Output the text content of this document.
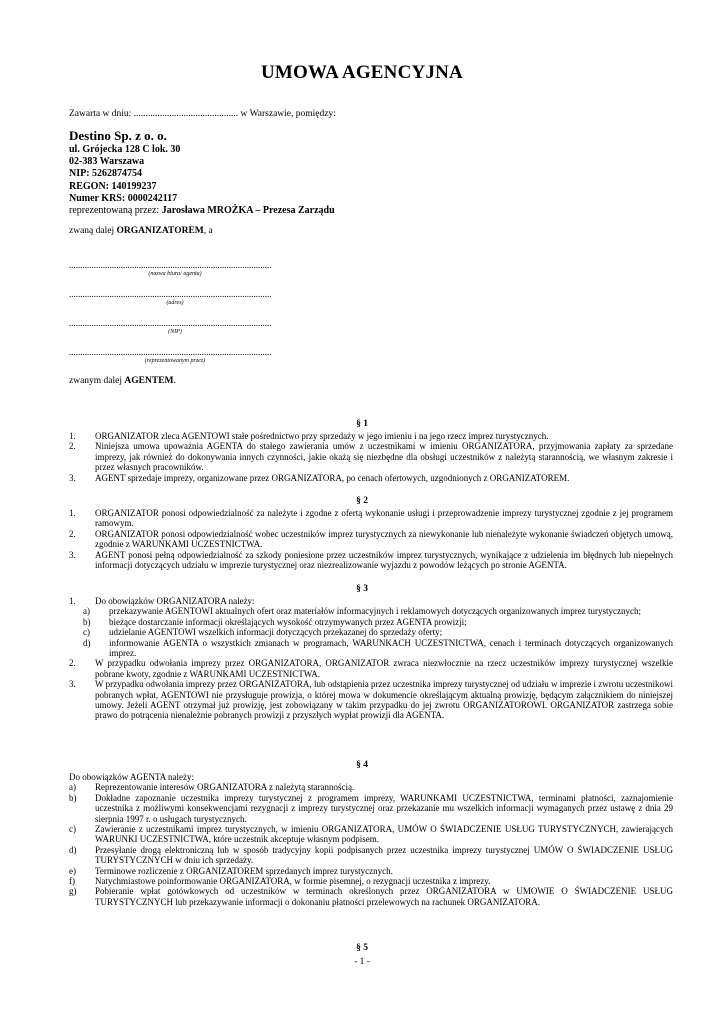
UMOWA AGENCYJNA
Zawarta w dniu: ............................................ w Warszawie, pomiędzy:
Destino Sp. z o. o.
ul. Grójecka 128 C lok. 30
02-383 Warszawa
NIP: 5262874754
REGON: 140199237
Numer KRS: 0000242117
reprezentowaną przez: Jarosława MROŻKA – Prezesa Zarządu
zwaną dalej ORGANIZATOREM, a
..........................................................................................
(nazwa biura/ agenta)
..........................................................................................
(adres)
..........................................................................................
(NIP)
..........................................................................................
(reprezentowanym przez)
zwanym dalej AGENTEM.
§ 1
1.	ORGANIZATOR zleca AGENTOWI stałe pośrednictwo przy sprzedaży w jego imieniu i na jego rzecz imprez turystycznych.
2.	Niniejsza umowa upoważnia AGENTA do stałego zawierania umów z uczestnikami w imieniu ORGANIZATORA, przyjmowania zapłaty za sprzedane imprezy, jak również do dokonywania innych czynności, jakie okażą się niezbędne dla obsługi uczestników z należytą starannością, we własnym zakresie i przez własnych pracowników.
3.	AGENT sprzedaje imprezy, organizowane przez ORGANIZATORA, po cenach ofertowych, uzgodnionych z ORGANIZATOREM.
§ 2
1.	ORGANIZATOR ponosi odpowiedzialność za należyte i zgodne z ofertą wykonanie usługi i przeprowadzenie imprezy turystycznej zgodnie z jej programem ramowym.
2.	ORGANIZATOR ponosi odpowiedzialność wobec uczestników imprez turystycznych za niewykonanie lub nienależyte wykonanie świadczeń objętych umową, zgodnie z WARUNKAMI UCZESTNICTWA.
3.	AGENT ponosi pełną odpowiedzialność za szkody poniesione przez uczestników imprez turystycznych, wynikające z udzielenia im błędnych lub niepełnych informacji dotyczących udziału w imprezie turystycznej oraz niezrealizowanie wyjazdu z powodów leżących po stronie AGENTA.
§ 3
1.	Do obowiązków ORGANIZATORA należy:
a)	przekazywanie AGENTOWI aktualnych ofert oraz materiałów informacyjnych i reklamowych dotyczących organizowanych imprez turystycznych;
b)	bieżące dostarczanie informacji określających wysokość otrzymywanych przez AGENTA prowizji;
c)	udzielanie AGENTOWI wszelkich informacji dotyczących przekazanej do sprzedaży oferty;
d)	informowanie AGENTA o wszystkich zmianach w programach, WARUNKACH UCZESTNICTWA, cenach i terminach dotyczących organizowanych imprez.
2.	W przypadku odwołania imprezy przez ORGANIZATORA, ORGANIZATOR zwraca niezwłocznie na rzecz uczestników imprezy turystycznej wszelkie pobrane kwoty, zgodnie z WARUNKAMI UCZESTNICTWA.
3.	W przypadku odwołania imprezy przez ORGANIZATORA, lub odstąpienia przez uczestnika imprezy turystycznej od udziału w imprezie i zwrotu uczestnikowi pobranych wpłat, AGENTOWI nie przysługuje prowizja, o której mowa w dokumencie określającym aktualną prowizję, będącym załącznikiem do niniejszej umowy. Jeżeli AGENT otrzymał już prowizję, jest zobowiązany w takim przypadku do jej zwrotu ORGANIZATOROWI. ORGANIZATOR zastrzega sobie prawo do potrącenia nienależnie pobranych prowizji z przyszłych wypłat prowizji dla AGENTA.
§ 4
Do obowiązków AGENTA należy:
a)	Reprezentowanie interesów ORGANIZATORA z należytą starannością.
b)	Dokładne zapoznanie uczestnika imprezy turystycznej z programem imprezy, WARUNKAMI UCZESTNICTWA, terminami płatności, zaznajomienie uczestnika z możliwymi konsekwencjami rezygnacji z imprezy turystycznej oraz przekazanie mu wszelkich informacji wymaganych przez ustawę z dnia 29 sierpnia 1997 r. o usługach turystycznych.
c)	Zawieranie z uczestnikami imprez turystycznych, w imieniu ORGANIZATORA, UMÓW O ŚWIADCZENIE USŁUG TURYSTYCZNYCH, zawierających WARUNKI UCZESTNICTWA, które uczestnik akceptuje własnym podpisem.
d)	Przesyłanie drogą elektroniczną lub w sposób tradycyjny kopii podpisanych przez uczestnika imprezy turystycznej UMÓW O ŚWIADCZENIE USŁUG TURYSTYCZNYCH w dniu ich sprzedaży.
e)	Terminowe rozliczenie z ORGANIZATOREM sprzedanych imprez turystycznych.
f)	Natychmiastowe poinformowanie ORGANIZATORA, w formie pisemnej, o rezygnacji uczestnika z imprezy.
g)	Pobieranie wpłat gotówkowych od uczestników w terminach określonych przez ORGANIZATORA w UMOWIE O ŚWIADCZENIE USŁUG TURYSTYCZNYCH lub przekazywanie informacji o dokonaniu płatności przelewowych na rachunek ORGANIZATORA.
§ 5
- 1 -
